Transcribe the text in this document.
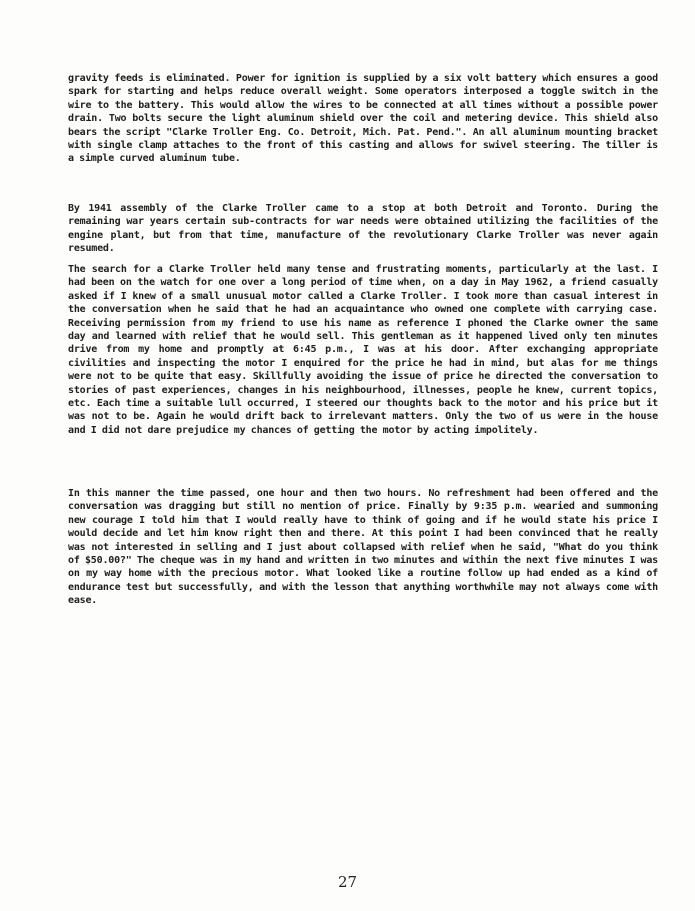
gravity feeds is eliminated. Power for ignition is supplied by a six volt battery which ensures a good spark for starting and helps reduce overall weight. Some operators interposed a toggle switch in the wire to the battery. This would allow the wires to be connected at all times without a possible power drain. Two bolts secure the light aluminum shield over the coil and metering device. This shield also bears the script "Clarke Troller Eng. Co. Detroit, Mich. Pat. Pend.". An all aluminum mounting bracket with single clamp attaches to the front of this casting and allows for swivel steering. The tiller is a simple curved aluminum tube.

By 1941 assembly of the Clarke Troller came to a stop at both Detroit and Toronto. During the remaining war years certain sub-contracts for war needs were obtained utilizing the facilities of the engine plant, but from that time, manufacture of the revolutionary Clarke Troller was never again resumed.

The search for a Clarke Troller held many tense and frustrating moments, particularly at the last. I had been on the watch for one over a long period of time when, on a day in May 1962, a friend casually asked if I knew of a small unusual motor called a Clarke Troller. I took more than casual interest in the conversation when he said that he had an acquaintance who owned one complete with carrying case. Receiving permission from my friend to use his name as reference I phoned the Clarke owner the same day and learned with relief that he would sell. This gentleman as it happened lived only ten minutes drive from my home and promptly at 6:45 p.m., I was at his door. After exchanging appropriate civilities and inspecting the motor I enquired for the price he had in mind, but alas for me things were not to be quite that easy. Skillfully avoiding the issue of price he directed the conversation to stories of past experiences, changes in his neighbourhood, illnesses, people he knew, current topics, etc. Each time a suitable lull occurred, I steered our thoughts back to the motor and his price but it was not to be. Again he would drift back to irrelevant matters. Only the two of us were in the house and I did not dare prejudice my chances of getting the motor by acting impolitely.

In this manner the time passed, one hour and then two hours. No refreshment had been offered and the conversation was dragging but still no mention of price. Finally by 9:35 p.m. wearied and summoning new courage I told him that I would really have to think of going and if he would state his price I would decide and let him know right then and there. At this point I had been convinced that he really was not interested in selling and I just about collapsed with relief when he said, "What do you think of $50.00?" The cheque was in my hand and written in two minutes and within the next five minutes I was on my way home with the precious motor. What looked like a routine follow up had ended as a kind of endurance test but successfully, and with the lesson that anything worthwhile may not always come with ease.

27
